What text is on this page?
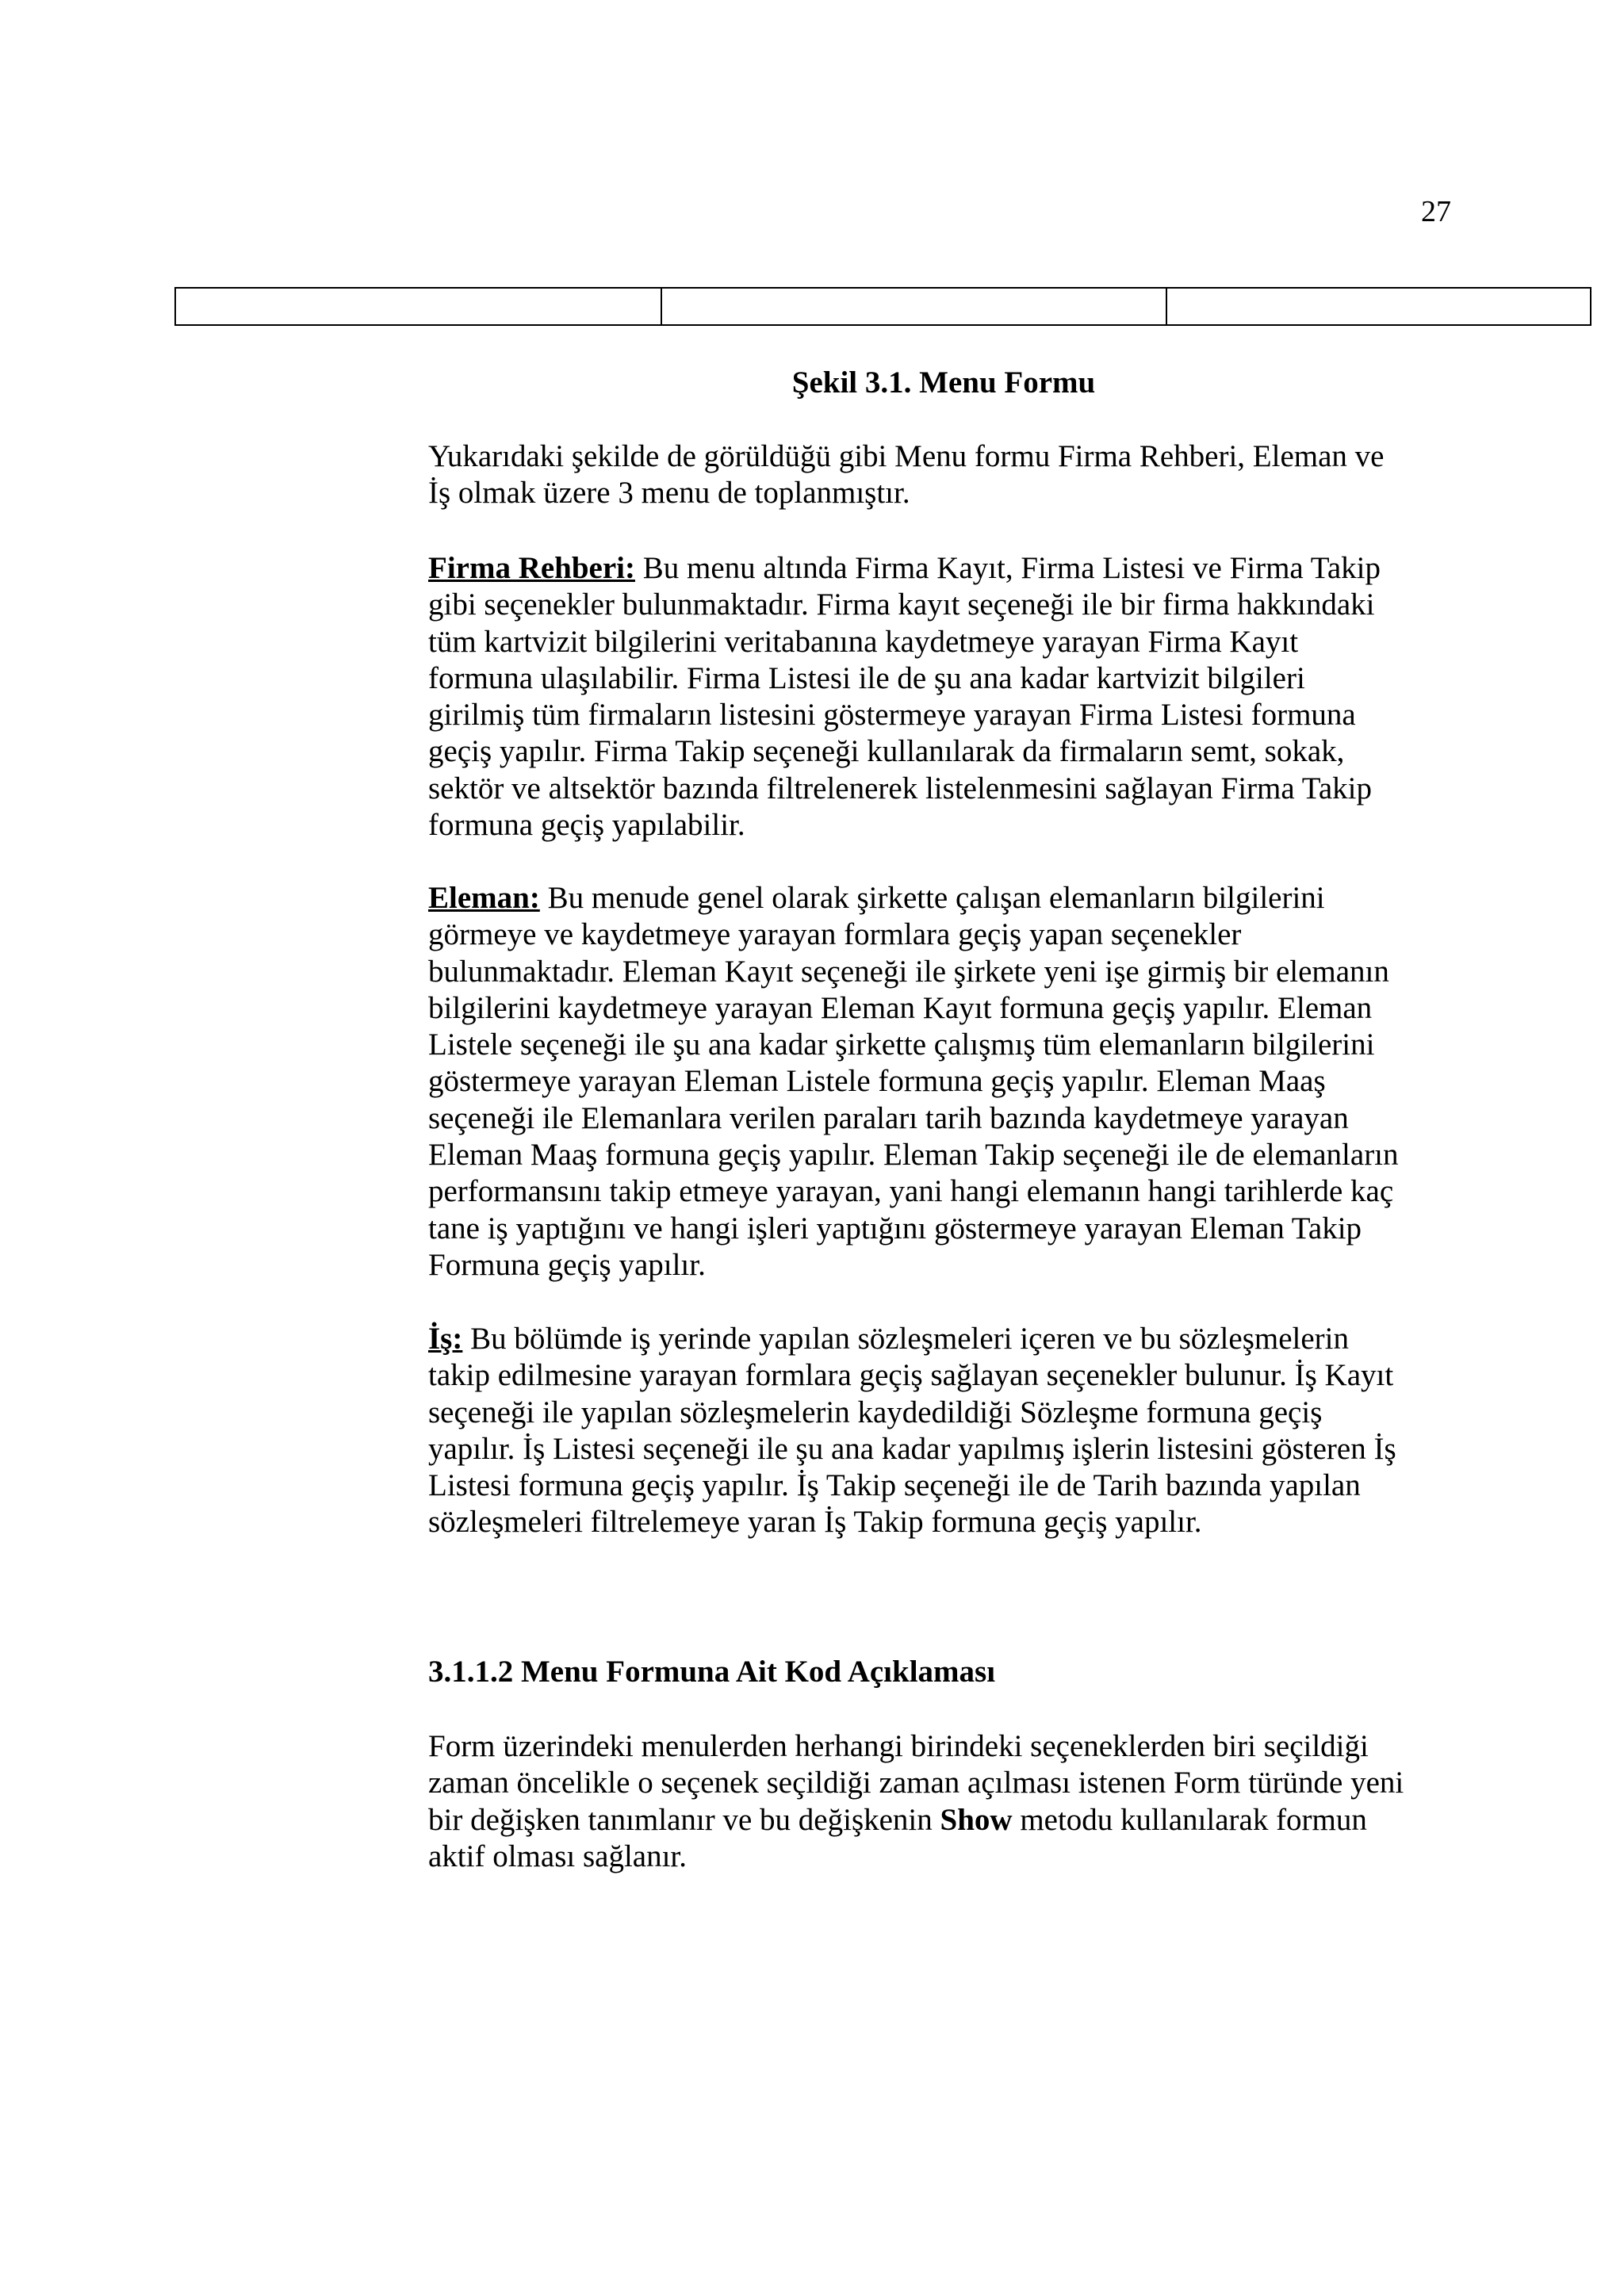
27

Şekil 3.1. Menu Formu
Yukarıdaki şekilde de görüldüğü gibi Menu formu Firma Rehberi, Eleman ve
İş olmak üzere 3 menu de toplanmıştır.
Firma Rehberi: Bu menu altında Firma Kayıt, Firma Listesi ve Firma Takip
gibi seçenekler bulunmaktadır. Firma kayıt seçeneği ile bir firma hakkındaki
tüm kartvizit bilgilerini veritabanına kaydetmeye yarayan Firma Kayıt
formuna ulaşılabilir. Firma Listesi ile de şu ana kadar kartvizit bilgileri
girilmiş tüm firmaların listesini göstermeye yarayan Firma Listesi formuna
geçiş yapılır. Firma Takip seçeneği kullanılarak da firmaların semt, sokak,
sektör ve altsektör bazında filtrelenerek listelenmesini sağlayan Firma Takip
formuna geçiş yapılabilir.
Eleman: Bu menude genel olarak şirkette çalışan elemanların bilgilerini
görmeye ve kaydetmeye yarayan formlara geçiş yapan seçenekler
bulunmaktadır. Eleman Kayıt seçeneği ile şirkete yeni işe girmiş bir elemanın
bilgilerini kaydetmeye yarayan Eleman Kayıt formuna geçiş yapılır. Eleman
Listele seçeneği ile şu ana kadar şirkette çalışmış tüm elemanların bilgilerini
göstermeye yarayan Eleman Listele formuna geçiş yapılır. Eleman Maaş
seçeneği ile Elemanlara verilen paraları tarih bazında kaydetmeye yarayan
Eleman Maaş formuna geçiş yapılır. Eleman Takip seçeneği ile de elemanların
performansını takip etmeye yarayan, yani hangi elemanın hangi tarihlerde kaç
tane iş yaptığını ve hangi işleri yaptığını göstermeye yarayan Eleman Takip
Formuna geçiş yapılır.
İş: Bu bölümde iş yerinde yapılan sözleşmeleri içeren ve bu sözleşmelerin
takip edilmesine yarayan formlara geçiş sağlayan seçenekler bulunur. İş Kayıt
seçeneği ile yapılan sözleşmelerin kaydedildiği Sözleşme formuna geçiş
yapılır. İş Listesi seçeneği ile şu ana kadar yapılmış işlerin listesini gösteren İş
Listesi formuna geçiş yapılır. İş Takip seçeneği ile de Tarih bazında yapılan
sözleşmeleri filtrelemeye yaran İş Takip formuna geçiş yapılır.
3.1.1.2 Menu Formuna Ait Kod Açıklaması
Form üzerindeki menulerden herhangi birindeki seçeneklerden biri seçildiği
zaman öncelikle o seçenek seçildiği zaman açılması istenen Form türünde yeni
bir değişken tanımlanır ve bu değişkenin Show metodu kullanılarak formun
aktif olması sağlanır.
